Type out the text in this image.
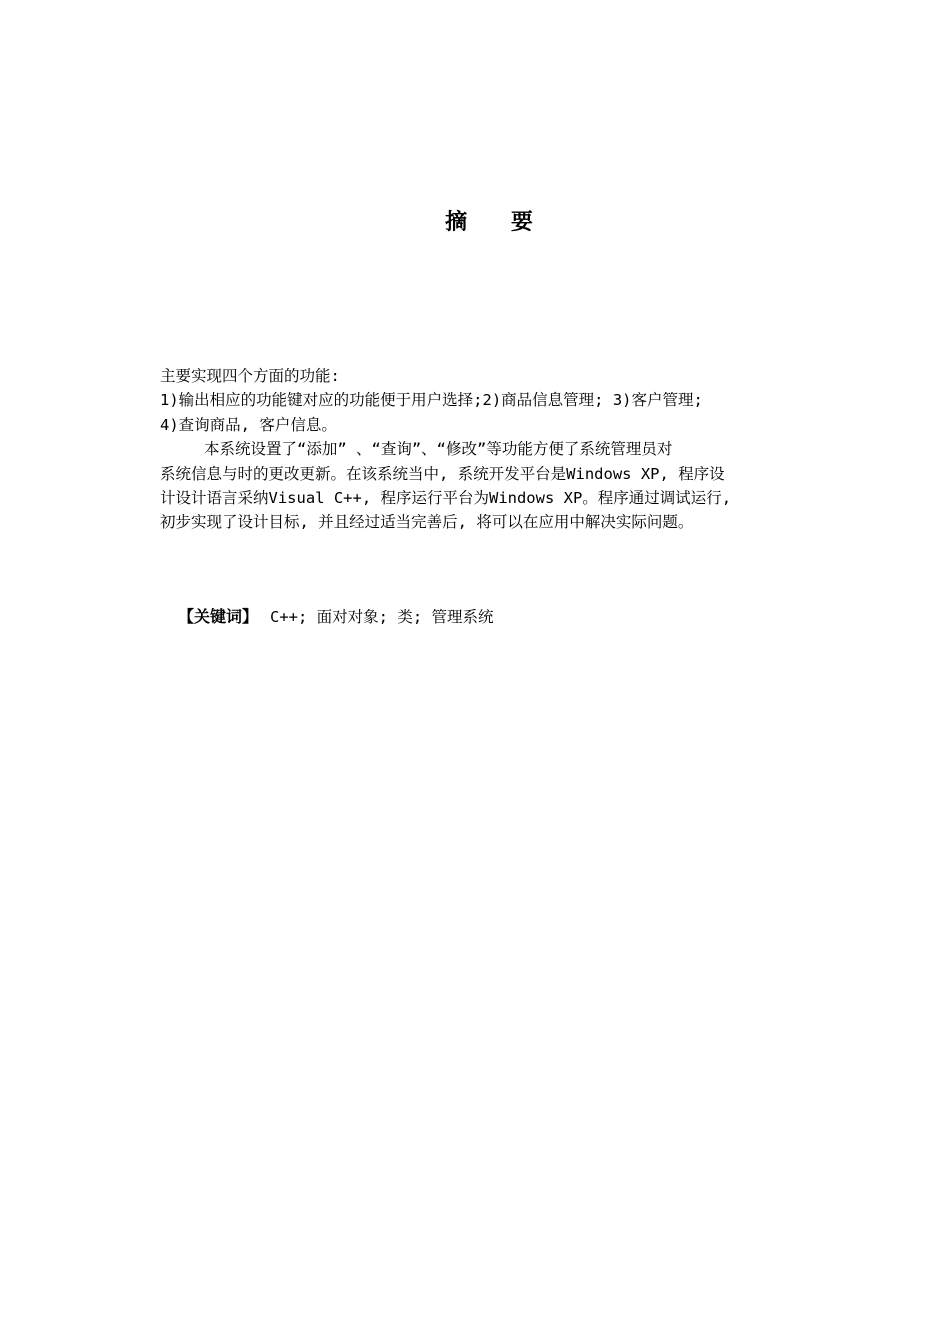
摘 要

主要实现四个方面的功能:

1)输出相应的功能键对应的功能便于用户选择;2)商品信息管理; 3)客户管理;

4)查询商品, 客户信息。

本系统设置了“添加” 、“查询”、“修改”等功能方便了系统管理员对

系统信息与时的更改更新。在该系统当中, 系统开发平台是Windows XP, 程序设

计设计语言采纳Visual C++, 程序运行平台为Windows XP。程序通过调试运行,

初步实现了设计目标, 并且经过适当完善后, 将可以在应用中解决实际问题。

【关键词】 C++; 面对对象; 类; 管理系统
